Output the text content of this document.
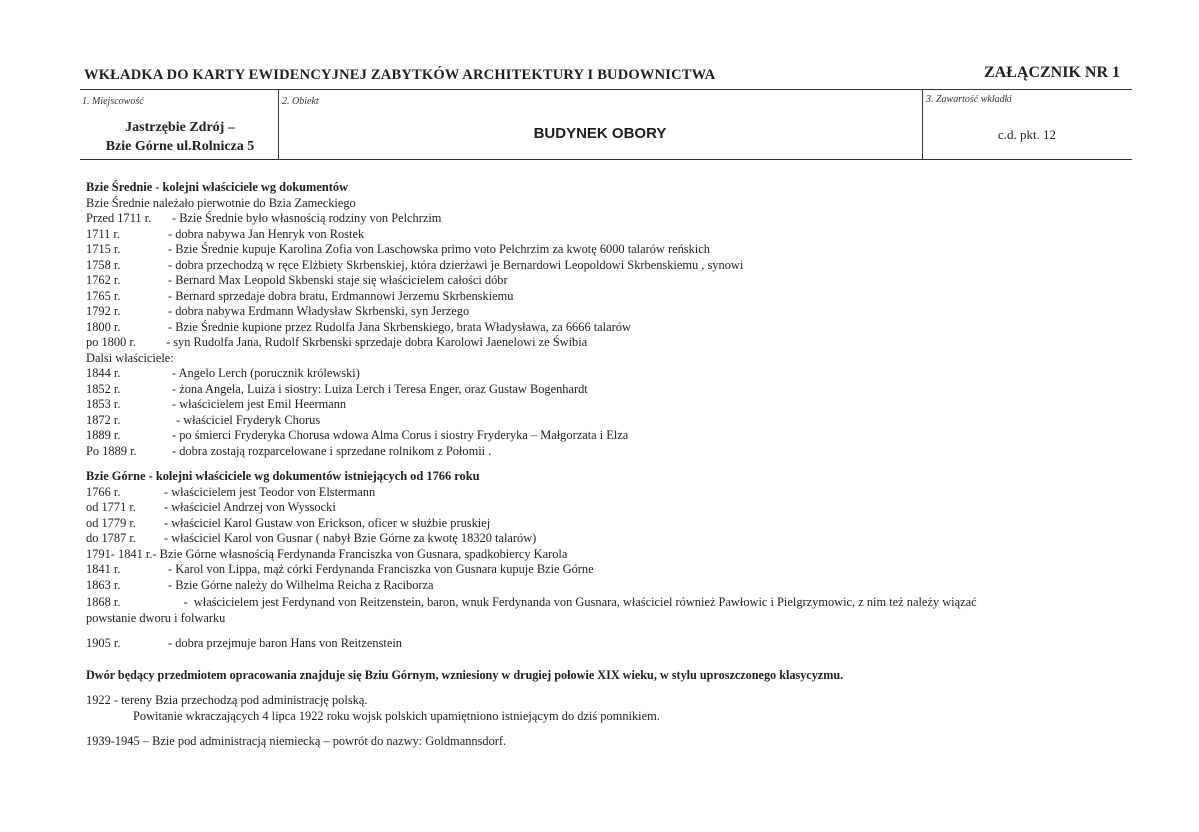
WKŁADKA DO KARTY EWIDENCYJNEJ ZABYTKÓW ARCHITEKTURY I BUDOWNICTWA	ZAŁĄCZNIK NR 1
1. Miejscowość
Jastrzębie Zdrój –
Bzie Górne ul.Rolnicza 5
2. Obiekt
BUDYNEK OBORY
3. Zawartość wkładki
c.d. pkt. 12
Bzie Średnie - kolejni właściciele wg dokumentów
Bzie Średnie należało pierwotnie do Bzia Zameckiego
Przed 1711 r. - Bzie Średnie było własnością rodziny von Pelchrzim
1711 r.	- dobra nabywa Jan Henryk von Rostek
1715 r.	- Bzie Średnie kupuje Karolina Zofia von Laschowska primo voto Pelchrzim za kwotę 6000 talarów reńskich
1758 r.	- dobra przechodzą w ręce Elżbiety Skrbenskiej, która dzierżawi je Bernardowi Leopoldowi Skrbenskiemu , synowi
1762 r.	- Bernard Max Leopold Skbenski staje się właścicielem całości dóbr
1765 r.	- Bernard sprzedaje dobra bratu, Erdmannowi Jerzemu Skrbenskiemu
1792 r.	- dobra nabywa Erdmann Władysław Skrbenski, syn Jerzego
1800 r.	- Bzie Średnie kupione przez Rudolfa Jana Skrbenskiego, brata Władysława, za 6666 talarów
po 1800 r. - syn Rudolfa Jana, Rudolf Skrbenski sprzedaje dobra Karolowi Jaenelowi ze Świbia
Dalsi właściciele:
1844 r.	- Angelo Lerch (porucznik królewski)
1852 r.	- żona Angela, Luiza i siostry: Luiza Lerch i Teresa Enger, oraz Gustaw Bogenhardt
1853 r.	- właścicielem jest Emil Heermann
1872 r.	- właściciel Fryderyk Chorus
1889 r.	- po śmierci Fryderyka Chorusa wdowa Alma Corus i siostry Fryderyka – Małgorzata i Elza
Po 1889 r.	- dobra zostają rozparcelowane i sprzedane rolnikom z Połomii .
Bzie Górne - kolejni właściciele wg dokumentów istniejących od 1766 roku
1766 r.	- właścicielem jest Teodor von Elstermann
od 1771 r. - właściciel Andrzej von Wyssocki
od 1779 r. - właściciel Karol Gustaw von Erickson, oficer w służbie pruskiej
do 1787 r. - właściciel Karol von Gusnar ( nabył Bzie Górne za kwotę 18320 talarów)
1791- 1841 r.- Bzie Górne własnością Ferdynanda Franciszka von Gusnara, spadkobiercy Karola
1841 r.	- Karol von Lippa, mąż córki Ferdynanda Franciszka von Gusnara kupuje Bzie Górne
1863 r.	- Bzie Górne należy do Wilhelma Reicha z Raciborza
1868 r.	-  właścicielem jest Ferdynand von Reitzenstein, baron, wnuk Ferdynanda von Gusnara, właściciel również Pawłowic i Pielgrzymowic, z nim też należy wiązać
powstanie dworu i folwarku
1905 r.	- dobra przejmuje baron Hans von Reitzenstein
Dwór będący przedmiotem opracowania znajduje się Bziu Górnym, wzniesiony w drugiej połowie XIX wieku, w stylu uproszczonego klasycyzmu.
1922 - tereny Bzia przechodzą pod administrację polską.
Powitanie wkraczających 4 lipca 1922 roku wojsk polskich upamiętniono istniejącym do dziś pomnikiem.
1939-1945 – Bzie pod administracją niemiecką – powrót do nazwy: Goldmannsdorf.
